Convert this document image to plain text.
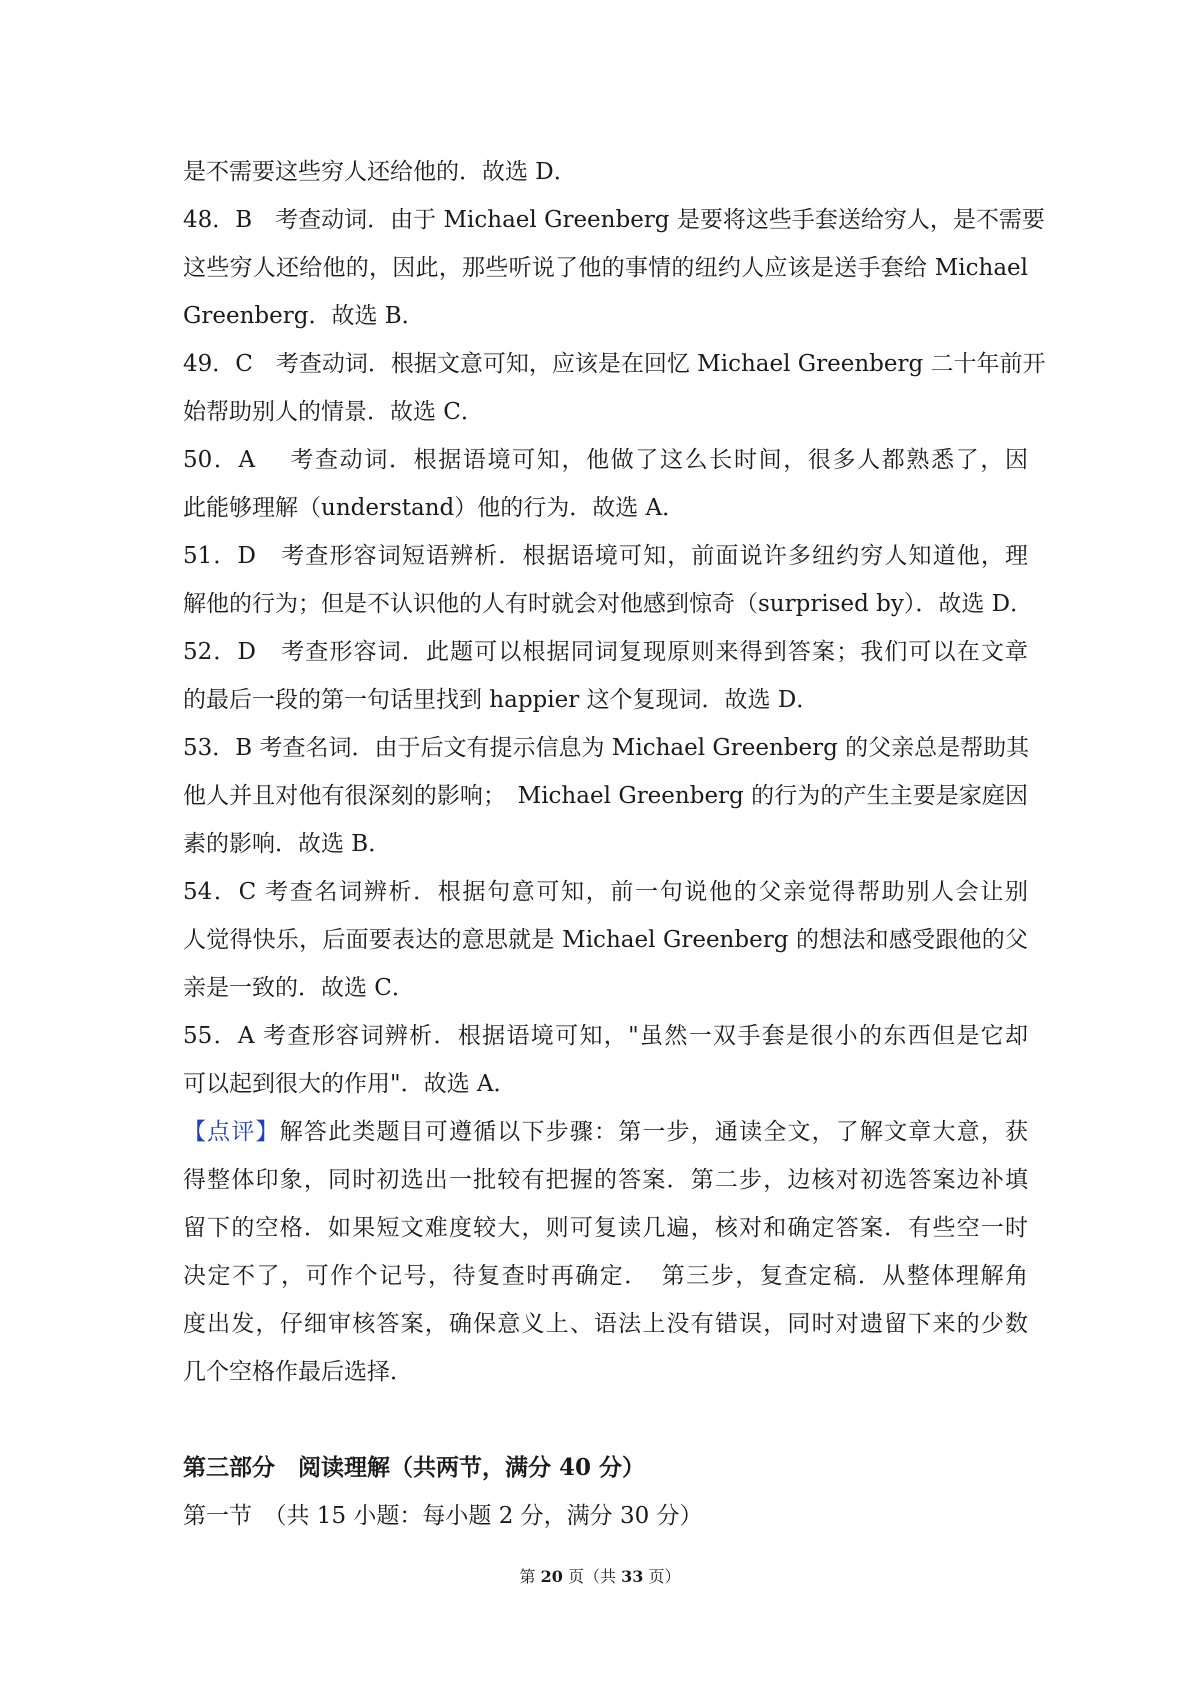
是不需要这些穷人还给他的．故选 D．
48．B　考查动词．由于 Michael Greenberg 是要将这些手套送给穷人，是不需要
这些穷人还给他的，因此，那些听说了他的事情的纽约人应该是送手套给 Michael
Greenberg．故选 B．
49．C　考查动词．根据文意可知，应该是在回忆 Michael Greenberg 二十年前开
始帮助别人的情景．故选 C．
50．A　 考查动词．根据语境可知，他做了这么长时间，很多人都熟悉了，因
此能够理解（understand）他的行为．故选 A．
51．D　考查形容词短语辨析．根据语境可知，前面说许多纽约穷人知道他，理
解他的行为；但是不认识他的人有时就会对他感到惊奇（surprised by）．故选 D．
52．D　考查形容词．此题可以根据同词复现原则来得到答案；我们可以在文章
的最后一段的第一句话里找到 happier 这个复现词．故选 D．
53．B 考查名词．由于后文有提示信息为 Michael Greenberg 的父亲总是帮助其
他人并且对他有很深刻的影响；　Michael Greenberg 的行为的产生主要是家庭因
素的影响．故选 B．
54．C 考查名词辨析．根据句意可知，前一句说他的父亲觉得帮助别人会让别
人觉得快乐，后面要表达的意思就是 Michael Greenberg 的想法和感受跟他的父
亲是一致的．故选 C．
55．A 考查形容词辨析．根据语境可知，"虽然一双手套是很小的东西但是它却
可以起到很大的作用"．故选 A．
【点评】解答此类题目可遵循以下步骤：第一步，通读全文，了解文章大意，获
得整体印象，同时初选出一批较有把握的答案．第二步，边核对初选答案边补填
留下的空格．如果短文难度较大，则可复读几遍，核对和确定答案．有些空一时
决定不了，可作个记号，待复查时再确定．　第三步，复查定稿．从整体理解角
度出发，仔细审核答案，确保意义上、语法上没有错误，同时对遗留下来的少数
几个空格作最后选择．
第三部分　阅读理解（共两节，满分 40 分）
第一节　（共 15 小题：每小题 2 分，满分 30 分）
第 20 页（共 33 页）
